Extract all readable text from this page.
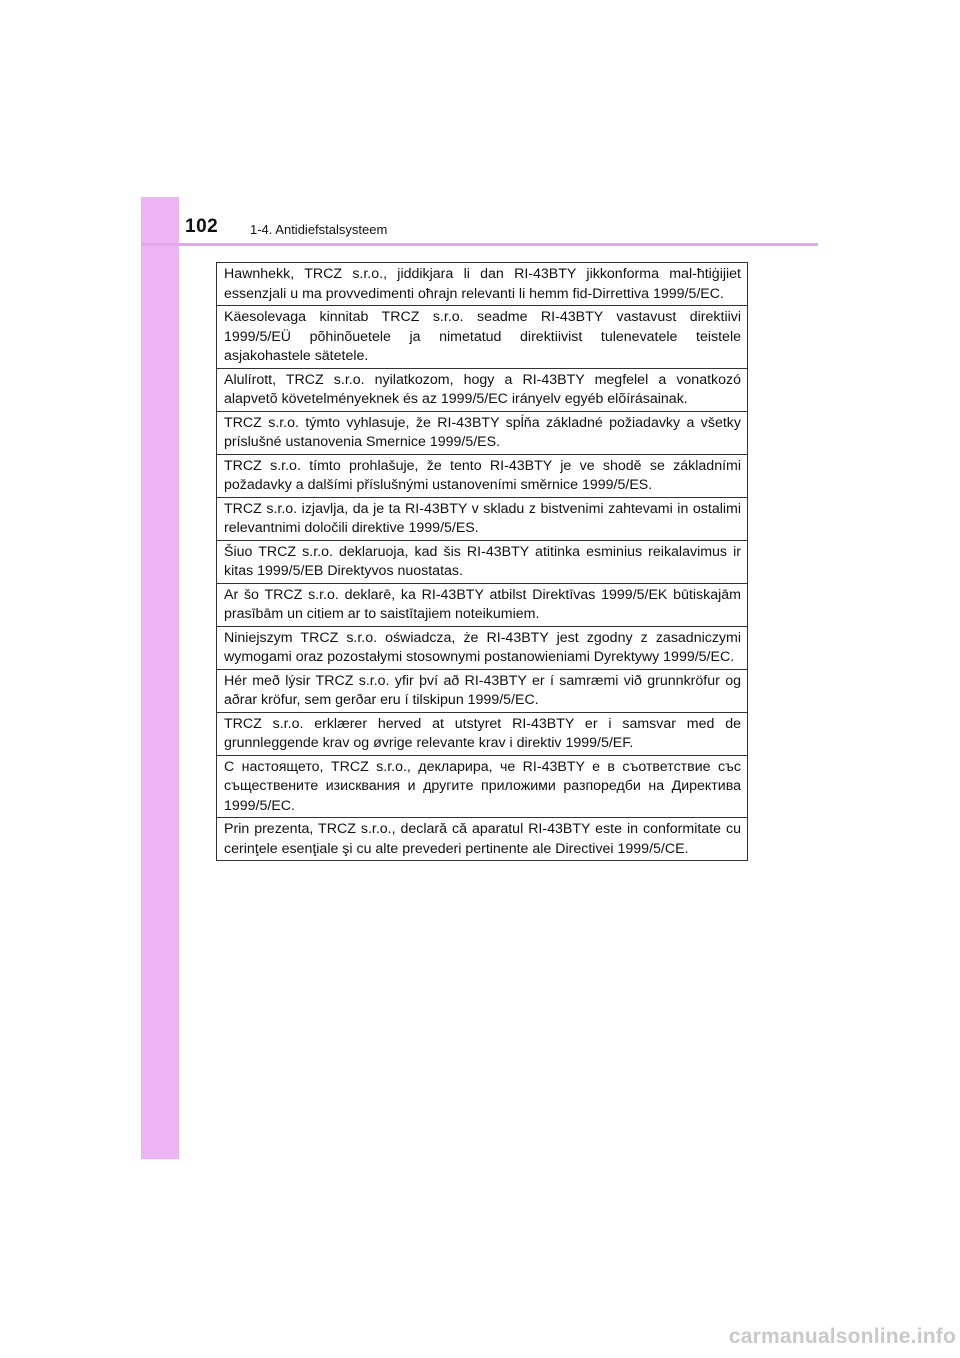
102 1-4. Antidiefstalsysteem
Hawnhekk, TRCZ s.r.o., jiddikjara li dan RI-43BTY jikkonforma mal-ħtiġijiet essenzjali u ma provvedimenti oħrajn relevanti li hemm fid-Dirrettiva 1999/5/EC.
Käesolevaga kinnitab TRCZ s.r.o. seadme RI-43BTY vastavust direktiivi 1999/5/EÜ põhinõuetele ja nimetatud direktiivist tulenevatele teistele asjakohastele sätetele.
Alulírott, TRCZ s.r.o. nyilatkozom, hogy a RI-43BTY megfelel a vonatkozó alapvetõ követelményeknek és az 1999/5/EC irányelv egyéb elõírásainak.
TRCZ s.r.o. týmto vyhlasuje, že RI-43BTY spĺňa základné požiadavky a všetky príslušné ustanovenia Smernice 1999/5/ES.
TRCZ s.r.o. tímto prohlašuje, že tento RI-43BTY je ve shodě se základními požadavky a dalšími příslušnými ustanoveními směrnice 1999/5/ES.
TRCZ s.r.o. izjavlja, da je ta RI-43BTY v skladu z bistvenimi zahtevami in ostalimi relevantnimi določili direktive 1999/5/ES.
Šiuo TRCZ s.r.o. deklaruoja, kad šis RI-43BTY atitinka esminius reikalavimus ir kitas 1999/5/EB Direktyvos nuostatas.
Ar šo TRCZ s.r.o. deklarē, ka RI-43BTY atbilst Direktīvas 1999/5/EK būtiskajām prasībām un citiem ar to saistītajiem noteikumiem.
Niniejszym TRCZ s.r.o. oświadcza, że RI-43BTY jest zgodny z zasadniczymi wymogami oraz pozostałymi stosownymi postanowieniami Dyrektywy 1999/5/EC.
Hér með lýsir TRCZ s.r.o. yfir því að RI-43BTY er í samræmi við grunnkröfur og aðrar kröfur, sem gerðar eru í tilskipun 1999/5/EC.
TRCZ s.r.o. erklærer herved at utstyret RI-43BTY er i samsvar med de grunnleggende krav og øvrige relevante krav i direktiv 1999/5/EF.
С настоящето, TRCZ s.r.o., декларира, че RI-43BTY е в съответствие със съществените изисквания и другите приложими разпоредби на Директива 1999/5/EC.
Prin prezenta, TRCZ s.r.o., declară că aparatul RI-43BTY este in conformitate cu cerinţele esenţiale şi cu alte prevederi pertinente ale Directivei 1999/5/CE.
carmanualsonline.info
